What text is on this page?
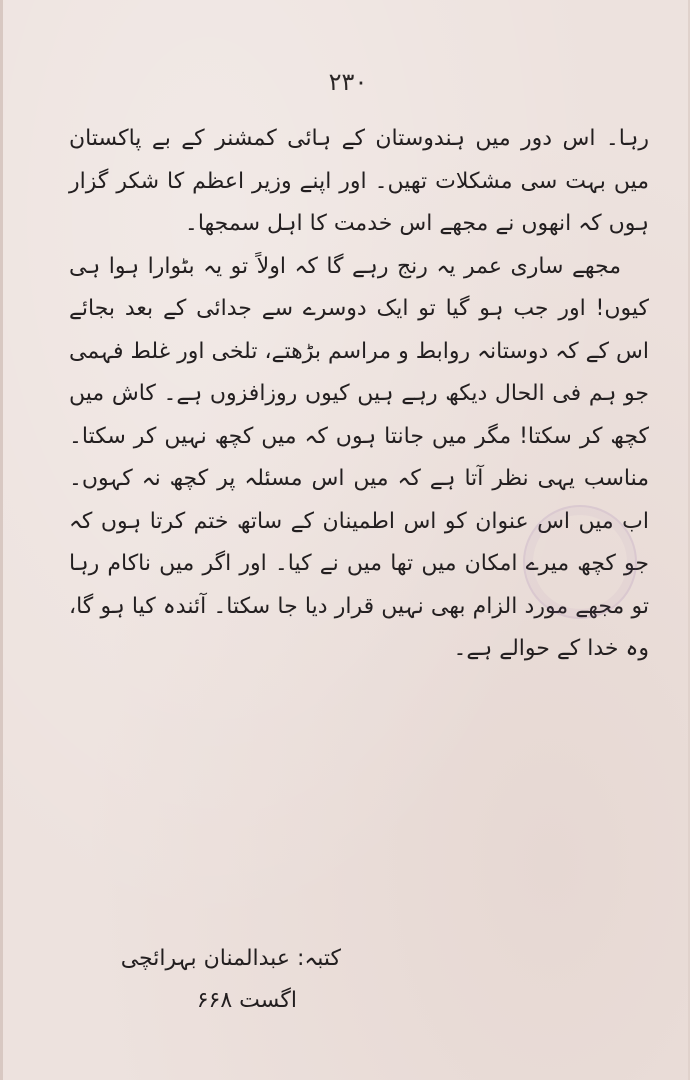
۲۳۰

رہا۔ اس دور میں ہندوستان کے ہائی کمشنر کے بے پاکستان میں بہت سی مشکلات تھیں۔ اور اپنے وزیر اعظم کا شکر گزار ہوں کہ انھوں نے مجھے اس خدمت کا اہل سمجھا۔

مجھے ساری عمر یہ رنج رہے گا کہ اولاً تو یہ بٹوارا ہوا ہی کیوں! اور جب ہو گیا تو ایک دوسرے سے جدائی کے بعد بجائے اس کے کہ دوستانہ روابط و مراسم بڑھتے، تلخی اور غلط فہمی جو ہم فی الحال دیکھ رہے ہیں کیوں روزافزوں ہے۔ کاش میں کچھ کر سکتا! مگر میں جانتا ہوں کہ میں کچھ نہیں کر سکتا۔ مناسب یہی نظر آتا ہے کہ میں اس مسئلہ پر کچھ نہ کہوں۔ اب میں اس عنوان کو اس اطمینان کے ساتھ ختم کرتا ہوں کہ جو کچھ میرے امکان میں تھا میں نے کیا۔ اور اگر میں ناکام رہا تو مجھے مورد الزام بھی نہیں قرار دیا جا سکتا۔ آئندہ کیا ہو گا، وہ خدا کے حوالے ہے۔

کتبہ: عبدالمنان بہرائچی
اگست ۶۶۸
